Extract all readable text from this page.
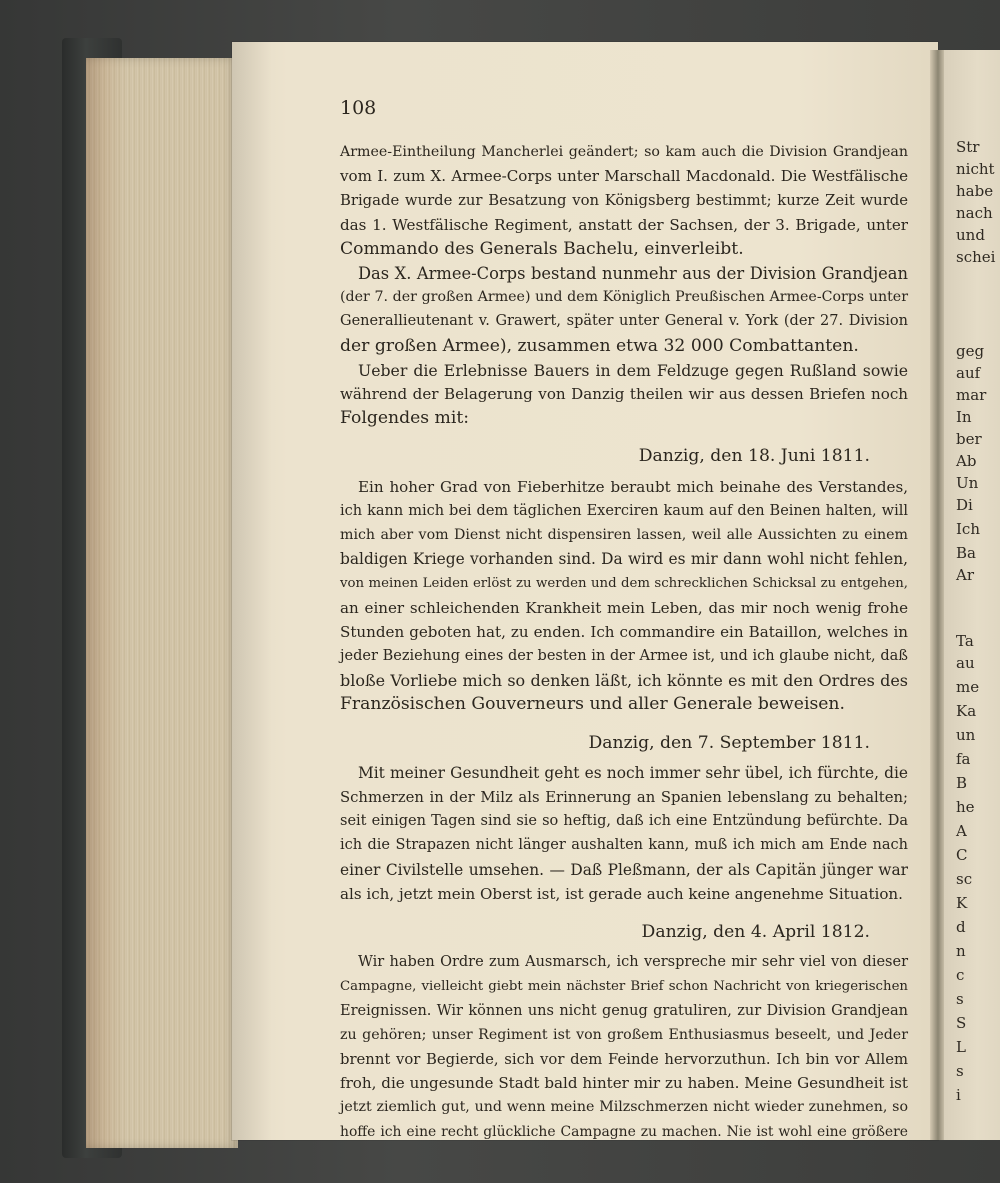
108
Armee-Eintheilung Mancherlei geändert; so kam auch die Division Grandjean
vom I. zum X. Armee-Corps unter Marschall Macdonald. Die Westfälische
Brigade wurde zur Besatzung von Königsberg bestimmt; kurze Zeit wurde
das 1. Westfälische Regiment, anstatt der Sachsen, der 3. Brigade, unter
Commando des Generals Bachelu, einverleibt.
Das X. Armee-Corps bestand nunmehr aus der Division Grandjean
(der 7. der großen Armee) und dem Königlich Preußischen Armee-Corps unter
Generallieutenant v. Grawert, später unter General v. York (der 27. Division
der großen Armee), zusammen etwa 32 000 Combattanten.
Ueber die Erlebnisse Bauers in dem Feldzuge gegen Rußland sowie
während der Belagerung von Danzig theilen wir aus dessen Briefen noch
Folgendes mit:
Danzig, den 18. Juni 1811.
Ein hoher Grad von Fieberhitze beraubt mich beinahe des Verstandes,
ich kann mich bei dem täglichen Exerciren kaum auf den Beinen halten, will
mich aber vom Dienst nicht dispensiren lassen, weil alle Aussichten zu einem
baldigen Kriege vorhanden sind. Da wird es mir dann wohl nicht fehlen,
von meinen Leiden erlöst zu werden und dem schrecklichen Schicksal zu entgehen,
an einer schleichenden Krankheit mein Leben, das mir noch wenig frohe
Stunden geboten hat, zu enden. Ich commandire ein Bataillon, welches in
jeder Beziehung eines der besten in der Armee ist, und ich glaube nicht, daß
bloße Vorliebe mich so denken läßt, ich könnte es mit den Ordres des
Französischen Gouverneurs und aller Generale beweisen.
Danzig, den 7. September 1811.
Mit meiner Gesundheit geht es noch immer sehr übel, ich fürchte, die
Schmerzen in der Milz als Erinnerung an Spanien lebenslang zu behalten;
seit einigen Tagen sind sie so heftig, daß ich eine Entzündung befürchte. Da
ich die Strapazen nicht länger aushalten kann, muß ich mich am Ende nach
einer Civilstelle umsehen. — Daß Pleßmann, der als Capitän jünger war
als ich, jetzt mein Oberst ist, ist gerade auch keine angenehme Situation.
Danzig, den 4. April 1812.
Wir haben Ordre zum Ausmarsch, ich verspreche mir sehr viel von dieser
Campagne, vielleicht giebt mein nächster Brief schon Nachricht von kriegerischen
Ereignissen. Wir können uns nicht genug gratuliren, zur Division Grandjean
zu gehören; unser Regiment ist von großem Enthusiasmus beseelt, und Jeder
brennt vor Begierde, sich vor dem Feinde hervorzuthun. Ich bin vor Allem
froh, die ungesunde Stadt bald hinter mir zu haben. Meine Gesundheit ist
jetzt ziemlich gut, und wenn meine Milzschmerzen nicht wieder zunehmen, so
hoffe ich eine recht glückliche Campagne zu machen. Nie ist wohl eine größere
Str
nicht
habe
nach
und
schei
geg
auf
mar
In
ber
Ab
Un
Di
Ich
Ba
Ar
Ta
au
me
Ka
un
fa
B
he
A
C
sc
K
d
n
c
s
S
L
s
i
